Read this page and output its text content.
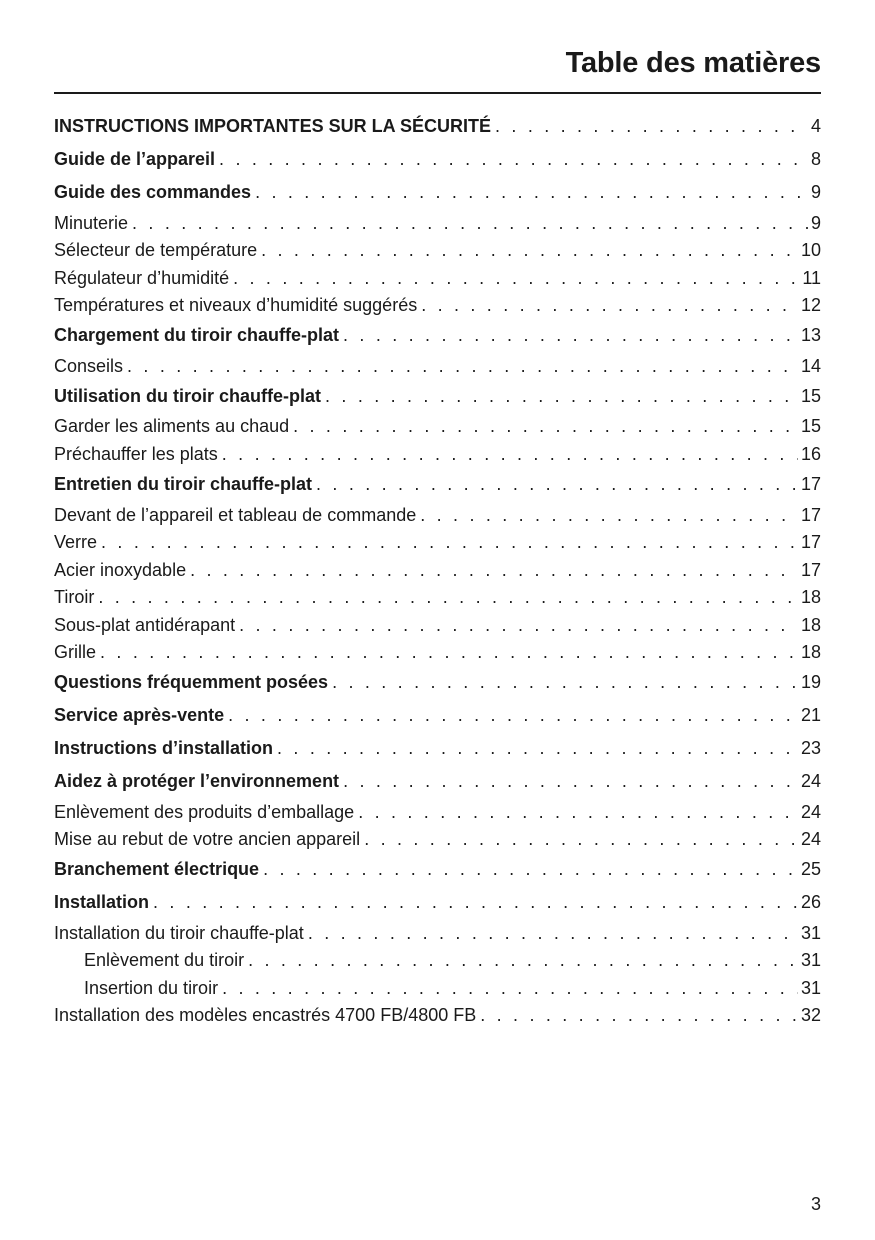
Table des matières
INSTRUCTIONS IMPORTANTES SUR LA SÉCURITÉ . . .	4
Guide de l’appareil . . .	8
Guide des commandes . . .	9
Minuterie . . .	9
Sélecteur de température . . .	10
Régulateur d’humidité . . .	11
Températures et niveaux d’humidité suggérés . . .	12
Chargement du tiroir chauffe-plat . . .	13
Conseils . . .	14
Utilisation du tiroir chauffe-plat . . .	15
Garder les aliments au chaud . . .	15
Préchauffer les plats . . .	16
Entretien du tiroir chauffe-plat . . .	17
Devant de l’appareil et tableau de commande . . .	17
Verre . . .	17
Acier inoxydable . . .	17
Tiroir . . .	18
Sous-plat antidérapant . . .	18
Grille . . .	18
Questions fréquemment posées . . .	19
Service après-vente . . .	21
Instructions d’installation . . .	23
Aidez à protéger l’environnement . . .	24
Enlèvement des produits d’emballage . . .	24
Mise au rebut de votre ancien appareil . . .	24
Branchement électrique . . .	25
Installation . . .	26
Installation du tiroir chauffe-plat . . .	31
Enlèvement du tiroir . . .	31
Insertion du tiroir . . .	31
Installation des modèles encastrés 4700 FB/4800 FB . . .	32
3
